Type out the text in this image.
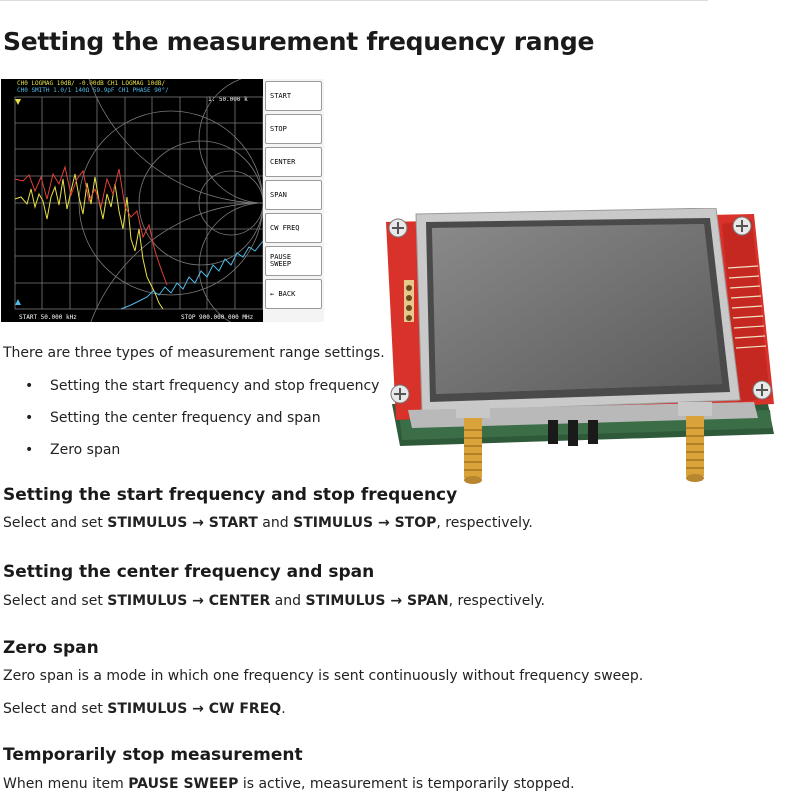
Setting the measurement frequency range
CH0 LOGMAG 10dB/ -0.00dB CH1 LOGMAG 10dB/
CH0 SMITH 1.0/1 140Ω 59.9pF CH1 PHASE 90°/
1: 50.000 k
START 50.000 kHz	STOP 900.000 000 MHz
START
STOP
CENTER
SPAN
CW FREQ
PAUSE
SWEEP
← BACK

There are three types of measurement range settings.

• Setting the start frequency and stop frequency
• Setting the center frequency and span
• Zero span
Setting the start frequency and stop frequency

Select and set STIMULUS → START and STIMULUS → STOP, respectively.

Setting the center frequency and span

Select and set STIMULUS → CENTER and STIMULUS → SPAN, respectively.

Zero span

Zero span is a mode in which one frequency is sent continuously without frequency sweep.

Select and set STIMULUS → CW FREQ.

Temporarily stop measurement

When menu item PAUSE SWEEP is active, measurement is temporarily stopped.
